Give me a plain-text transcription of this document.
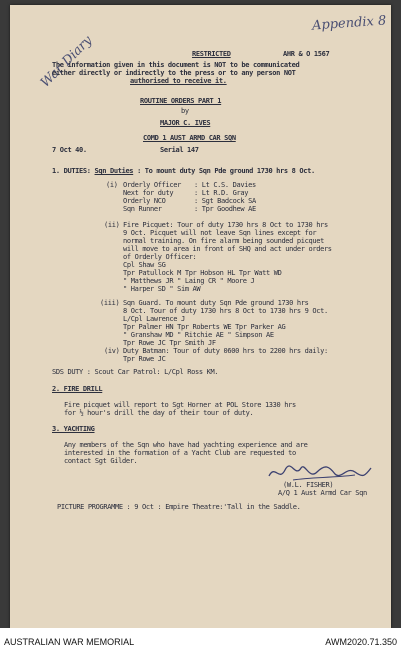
Appendix 8
War Diary	RESTRICTED	AHR & O 1567
The information given in this document is NOT to be communicated
either directly or indirectly to the press or to any person NOT
authorised to receive it.
ROUTINE ORDERS PART 1
by
MAJOR C. IVES
COMD 1 AUST ARMD CAR SQN
7 Oct 40.	Serial 147
1. DUTIES: Sqn Duties : To mount duty Sqn Pde ground 1730 hrs 8 Oct.
(i) Orderly Officer : Lt C.S. Davies
Next for duty	: Lt R.D. Gray
Orderly NCO	: Sgt Badcock SA
Sqn Runner	: Tpr Goodhew AE
(ii) Fire Picquet: Tour of duty 1730 hrs 8 Oct to 1730 hrs
9 Oct. Picquet will not leave Sqn lines except for
normal training. On fire alarm being sounded picquet
will move to area in front of SHQ and act under orders
of Orderly Officer:
Cpl Shaw SG
Tpr Patullock M Tpr Hobson HL Tpr Watt WD
" Matthews JR " Laing CR " Moore J
" Harper SD " Sim AW
(iii) Sqn Guard. To mount duty Sqn Pde ground 1730 hrs
8 Oct. Tour of duty 1730 hrs 8 Oct to 1730 hrs 9 Oct.
L/Cpl Lawrence J
Tpr Palmer HN Tpr Roberts WE Tpr Parker AG
" Granshaw MD " Ritchie AE " Simpson AE
Tpr Rowe JC Tpr Smith JF
(iv) Duty Batman: Tour of duty 0600 hrs to 2200 hrs daily:
Tpr Rowe JC
SDS DUTY : Scout Car Patrol: L/Cpl Ross KM.
2. FIRE DRILL
Fire picquet will report to Sgt Horner at POL Store 1330 hrs
for ½ hour's drill the day of their tour of duty.
3. YACHTING
Any members of the Sqn who have had yachting experience and are
interested in the formation of a Yacht Club are requested to
contact Sgt Gilder.
(W.L. FISHER)
A/Q 1 Aust Armd Car Sqn
PICTURE PROGRAMME : 9 Oct : Empire Theatre:'Tall in the Saddle.
AUSTRALIAN WAR MEMORIAL	AWM2020.71.350
